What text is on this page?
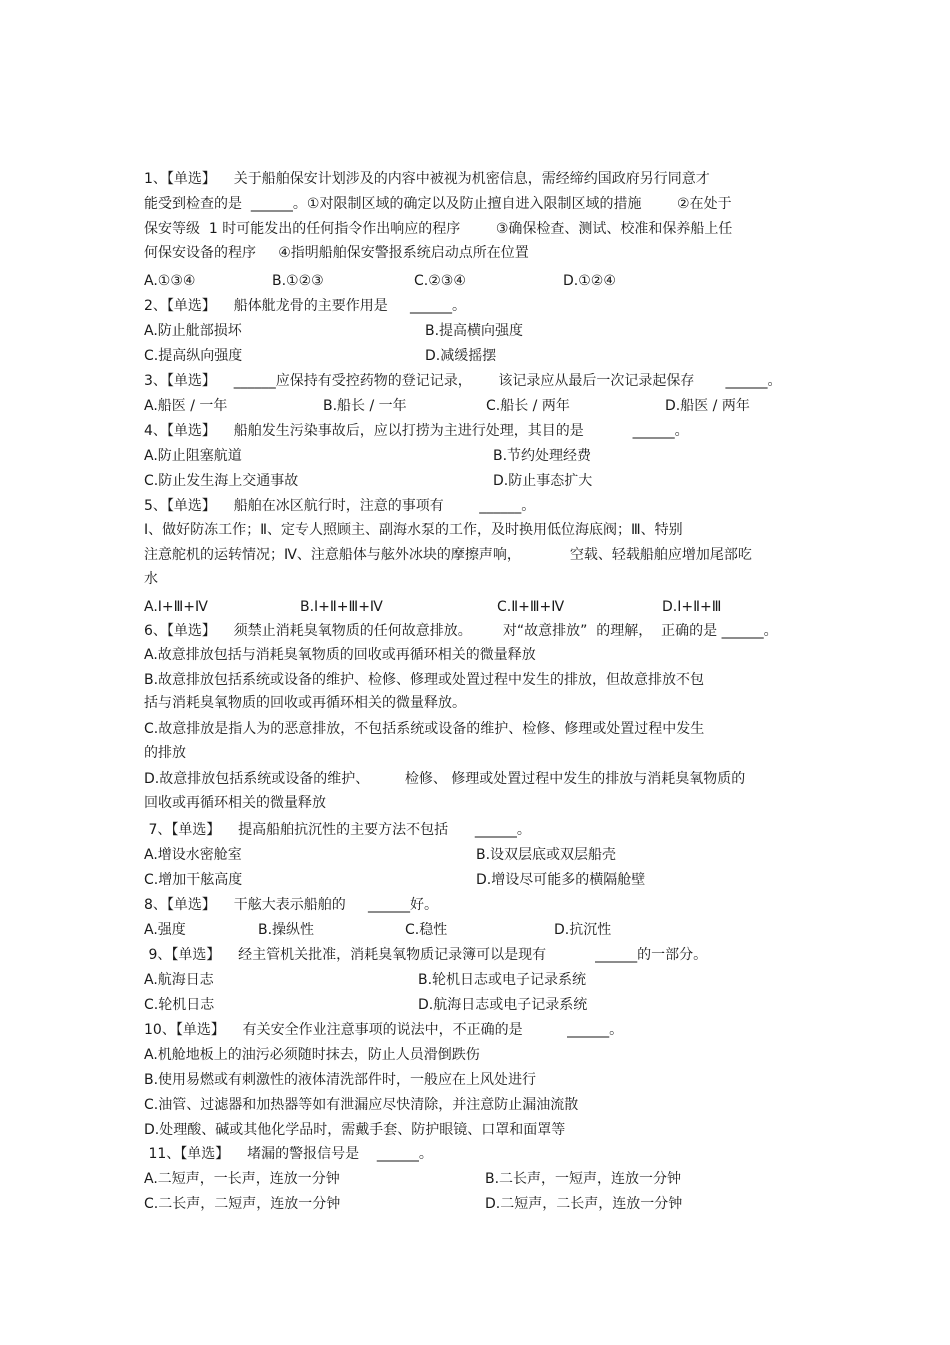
1、【单选】    关于船舶保安计划涉及的内容中被视为机密信息，需经缔约国政府另行同意才
能受到检查的是  ______。①对限制区域的确定以及防止擅自进入限制区域的措施        ②在处于
保安等级  1 时可能发出的任何指令作出响应的程序        ③确保检查、测试、校准和保养船上任
何保安设备的程序     ④指明船舶保安警报系统启动点所在位置
A.①③④	B.①②③	C.②③④	D.①②④
2、【单选】    船体舭龙骨的主要作用是     ______。
A.防止舭部损坏	B.提高横向强度
C.提高纵向强度	D.减缓摇摆
3、【单选】    ______应保持有受控药物的登记记录，      该记录应从最后一次记录起保存       ______。
A.船医 / 一年	B.船长 / 一年	C.船长 / 两年	D.船医 / 两年
4、【单选】    船舶发生污染事故后，应以打捞为主进行处理，其目的是           ______。
A.防止阻塞航道	B.节约处理经费
C.防止发生海上交通事故	D.防止事态扩大
5、【单选】    船舶在冰区航行时，注意的事项有        ______。
Ⅰ、做好防冻工作；Ⅱ、定专人照顾主、副海水泵的工作，及时换用低位海底阀；Ⅲ、特别
注意舵机的运转情况；Ⅳ、注意船体与舷外冰块的摩擦声响，           空载、轻载船舶应增加尾部吃
水
A.Ⅰ+Ⅲ+Ⅳ	B.Ⅰ+Ⅱ+Ⅲ+Ⅳ	C.Ⅱ+Ⅲ+Ⅳ	D.Ⅰ+Ⅱ+Ⅲ
6、【单选】    须禁止消耗臭氧物质的任何故意排放。       对“故意排放”  的理解，  正确的是 ______。
A.故意排放包括与消耗臭氧物质的回收或再循环相关的微量释放
B.故意排放包括系统或设备的维护、检修、修理或处置过程中发生的排放，但故意排放不包
括与消耗臭氧物质的回收或再循环相关的微量释放。
C.故意排放是指人为的恶意排放，不包括系统或设备的维护、检修、修理或处置过程中发生
的排放
D.故意排放包括系统或设备的维护、        检修、 修理或处置过程中发生的排放与消耗臭氧物质的
回收或再循环相关的微量释放
7、【单选】    提高船舶抗沉性的主要方法不包括      ______。
A.增设水密舱室	B.设双层底或双层船壳
C.增加干舷高度	D.增设尽可能多的横隔舱壁
8、【单选】    干舷大表示船舶的     ______好。
A.强度	B.操纵性	C.稳性	D.抗沉性
9、【单选】    经主管机关批准，消耗臭氧物质记录簿可以是现有           ______的一部分。
A.航海日志	B.轮机日志或电子记录系统
C.轮机日志	D.航海日志或电子记录系统
10、【单选】    有关安全作业注意事项的说法中，不正确的是          ______。
A.机舱地板上的油污必须随时抹去，防止人员滑倒跌伤
B.使用易燃或有刺激性的液体清洗部件时，一般应在上风处进行
C.油管、过滤器和加热器等如有泄漏应尽快清除，并注意防止漏油流散
D.处理酸、碱或其他化学品时，需戴手套、防护眼镜、口罩和面罩等
11、【单选】    堵漏的警报信号是    ______。
A.二短声，一长声，连放一分钟	B.二长声，一短声，连放一分钟
C.二长声，二短声，连放一分钟	D.二短声，二长声，连放一分钟
